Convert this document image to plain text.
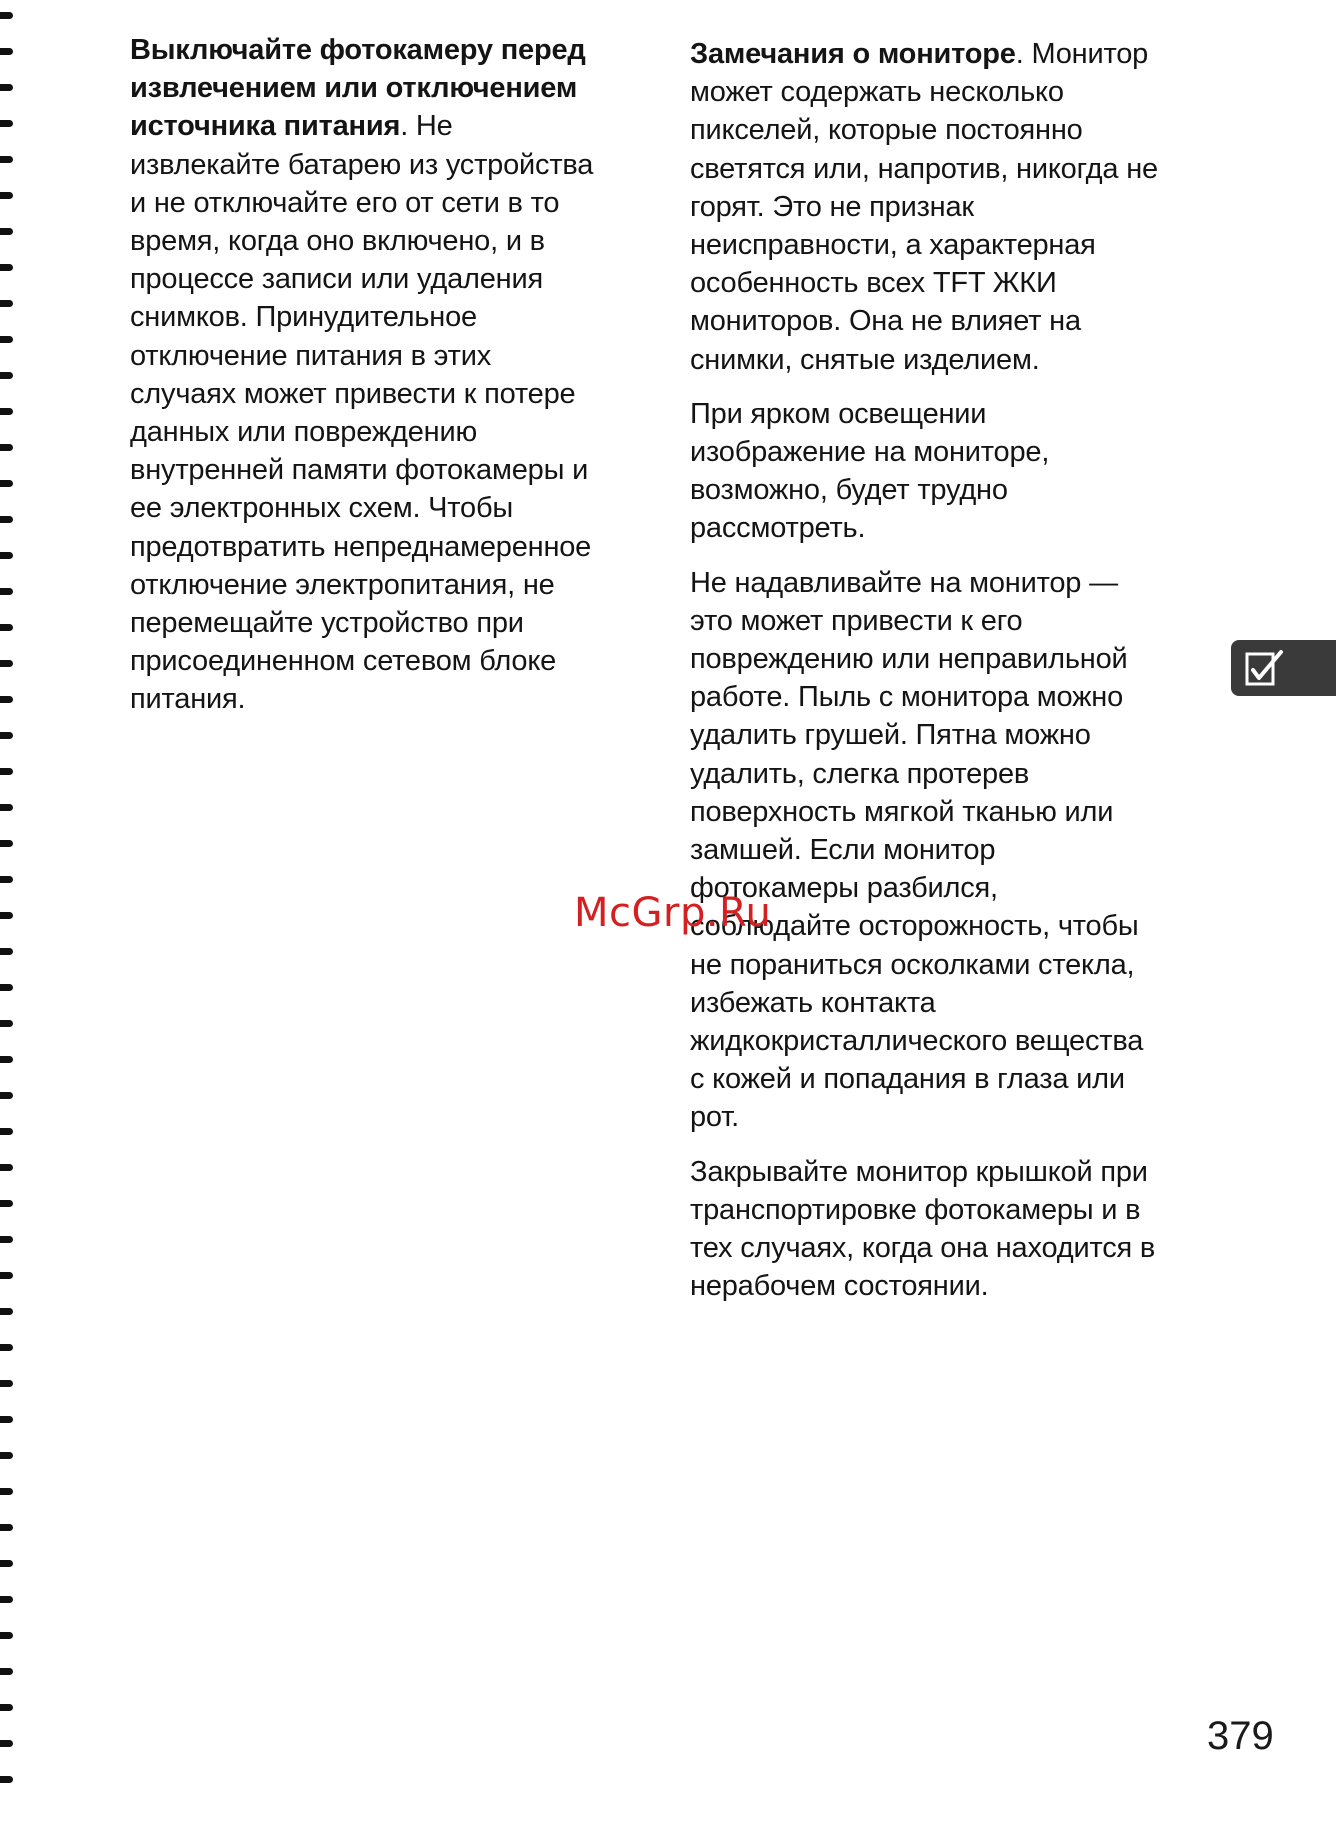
Выключайте фотокамеру перед
извлечением или отключением
источника питания. Не
извлекайте батарею из устройства
и не отключайте его от сети в то
время, когда оно включено, и в
процессе записи или удаления
снимков. Принудительное
отключение питания в этих
случаях может привести к потере
данных или повреждению
внутренней памяти фотокамеры и
ее электронных схем. Чтобы
предотвратить непреднамеренное
отключение электропитания, не
перемещайте устройство при
присоединенном сетевом блоке
питания.

Замечания о мониторе. Монитор
может содержать несколько
пикселей, которые постоянно
светятся или, напротив, никогда не
горят. Это не признак
неисправности, а характерная
особенность всех TFT ЖКИ
мониторов. Она не влияет на
снимки, снятые изделием.

При ярком освещении
изображение на мониторе,
возможно, будет трудно
рассмотреть.

Не надавливайте на монитор —
это может привести к его
повреждению или неправильной
работе. Пыль с монитора можно
удалить грушей. Пятна можно
удалить, слегка протерев
поверхность мягкой тканью или
замшей. Если монитор
фотокамеры разбился,
соблюдайте осторожность, чтобы
не пораниться осколками стекла,
избежать контакта
жидкокристаллического вещества
с кожей и попадания в глаза или
рот.

Закрывайте монитор крышкой при
транспортировке фотокамеры и в
тех случаях, когда она находится в
нерабочем состоянии.

McGrp.Ru
379
